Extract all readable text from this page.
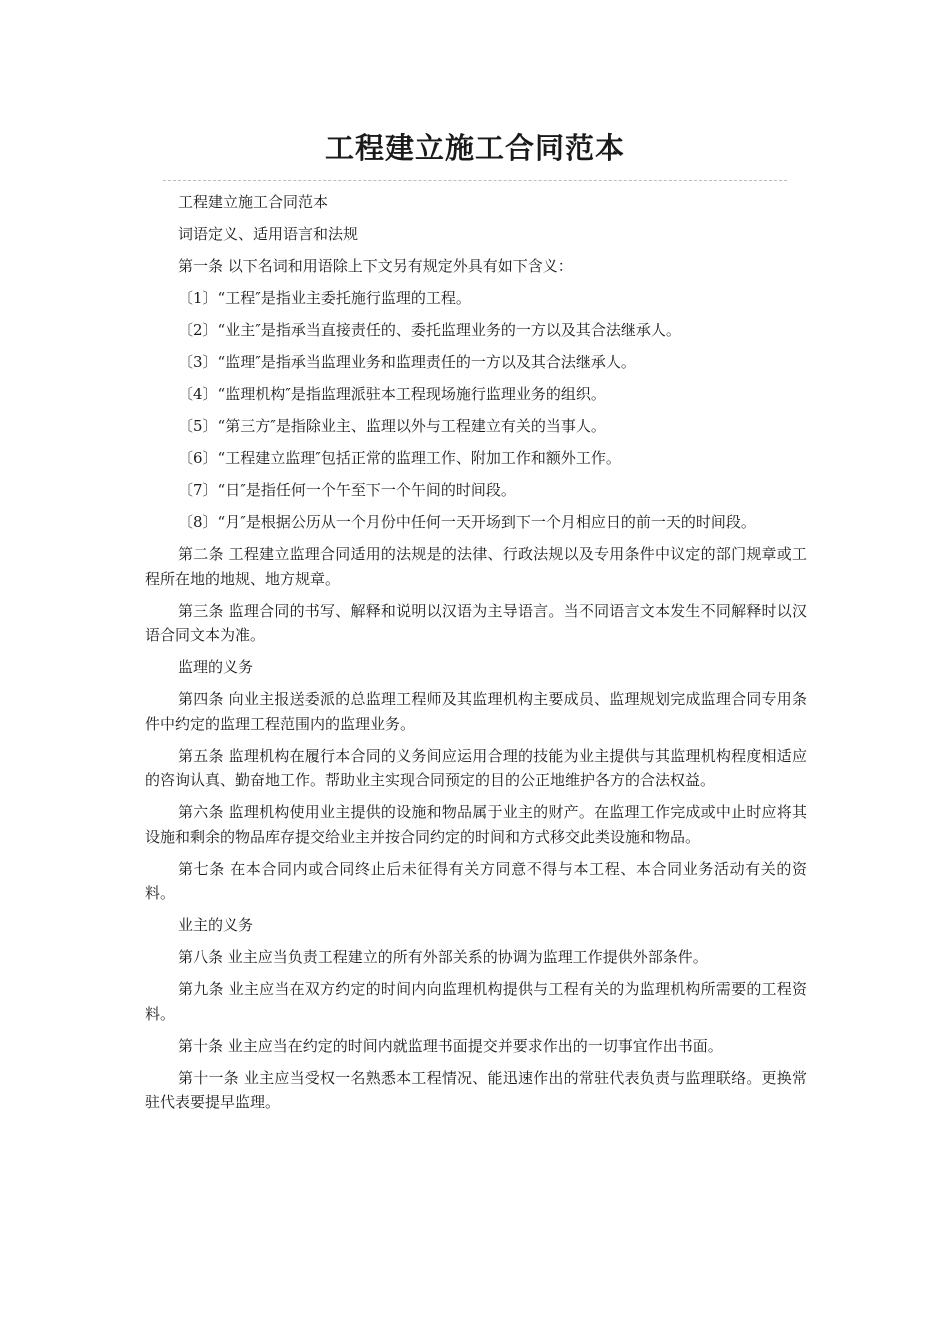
工程建立施工合同范本

工程建立施工合同范本

词语定义、适用语言和法规

第一条 以下名词和用语除上下文另有规定外具有如下含义：

〔1〕“工程″是指业主委托施行监理的工程。

〔2〕“业主″是指承当直接责任的、委托监理业务的一方以及其合法继承人。

〔3〕“监理″是指承当监理业务和监理责任的一方以及其合法继承人。

〔4〕“监理机构″是指监理派驻本工程现场施行监理业务的组织。

〔5〕“第三方″是指除业主、监理以外与工程建立有关的当事人。

〔6〕“工程建立监理″包括正常的监理工作、附加工作和额外工作。

〔7〕“日″是指任何一个午至下一个午间的时间段。

〔8〕“月″是根据公历从一个月份中任何一天开场到下一个月相应日的前一天的时间段。

第二条 工程建立监理合同适用的法规是的法律、行政法规以及专用条件中议定的部门规章或工程所在地的地规、地方规章。

第三条 监理合同的书写、解释和说明以汉语为主导语言。当不同语言文本发生不同解释时以汉语合同文本为准。

监理的义务

第四条 向业主报送委派的总监理工程师及其监理机构主要成员、监理规划完成监理合同专用条件中约定的监理工程范围内的监理业务。

第五条 监理机构在履行本合同的义务间应运用合理的技能为业主提供与其监理机构程度相适应的咨询认真、勤奋地工作。帮助业主实现合同预定的目的公正地维护各方的合法权益。

第六条 监理机构使用业主提供的设施和物品属于业主的财产。在监理工作完成或中止时应将其设施和剩余的物品库存提交给业主并按合同约定的时间和方式移交此类设施和物品。

第七条 在本合同内或合同终止后未征得有关方同意不得与本工程、本合同业务活动有关的资料。

业主的义务

第八条 业主应当负责工程建立的所有外部关系的协调为监理工作提供外部条件。

第九条 业主应当在双方约定的时间内向监理机构提供与工程有关的为监理机构所需要的工程资料。

第十条 业主应当在约定的时间内就监理书面提交并要求作出的一切事宜作出书面。

第十一条 业主应当受权一名熟悉本工程情况、能迅速作出的常驻代表负责与监理联络。更换常驻代表要提早监理。
